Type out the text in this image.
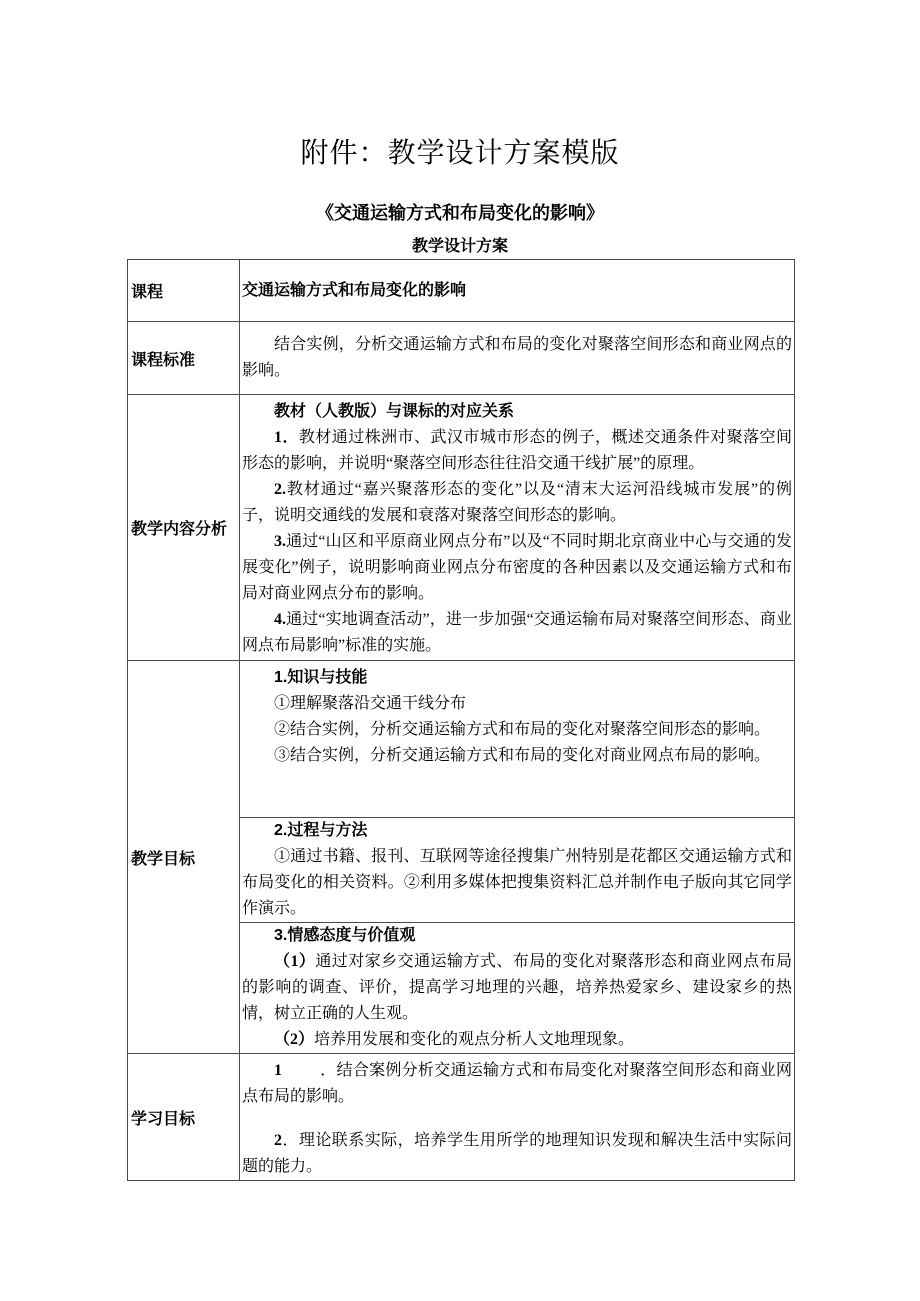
附件：教学设计方案模版
《交通运输方式和布局变化的影响》
教学设计方案
课程	交通运输方式和布局变化的影响
课程标准	结合实例，分析交通运输方式和布局的变化对聚落空间形态和商业网点的影响。

教学内容分析	教材（人教版）与课标的对应关系

1．教材通过株洲市、武汉市城市形态的例子，概述交通条件对聚落空间形态的影响，并说明“聚落空间形态往往沿交通干线扩展”的原理。

2.教材通过“嘉兴聚落形态的变化”以及“清末大运河沿线城市发展”的例子，说明交通线的发展和衰落对聚落空间形态的影响。

3.通过“山区和平原商业网点分布”以及“不同时期北京商业中心与交通的发展变化”例子，说明影响商业网点分布密度的各种因素以及交通运输方式和布局对商业网点分布的影响。

4.通过“实地调查活动”，进一步加强“交通运输布局对聚落空间形态、商业网点布局影响”标准的实施。

教学目标	1.知识与技能

①理解聚落沿交通干线分布

②结合实例，分析交通运输方式和布局的变化对聚落空间形态的影响。

③结合实例，分析交通运输方式和布局的变化对商业网点布局的影响。

	2.过程与方法

①通过书籍、报刊、互联网等途径搜集广州特别是花都区交通运输方式和布局变化的相关资料。②利用多媒体把搜集资料汇总并制作电子版向其它同学作演示。

	3.情感态度与价值观

（1）通过对家乡交通运输方式、布局的变化对聚落形态和商业网点布局的影响的调查、评价，提高学习地理的兴趣，培养热爱家乡、建设家乡的热情，树立正确的人生观。

（2）培养用发展和变化的观点分析人文地理现象。

学习目标	1 ．结合案例分析交通运输方式和布局变化对聚落空间形态和商业网点布局的影响。

2．理论联系实际，培养学生用所学的地理知识发现和解决生活中实际问题的能力。
